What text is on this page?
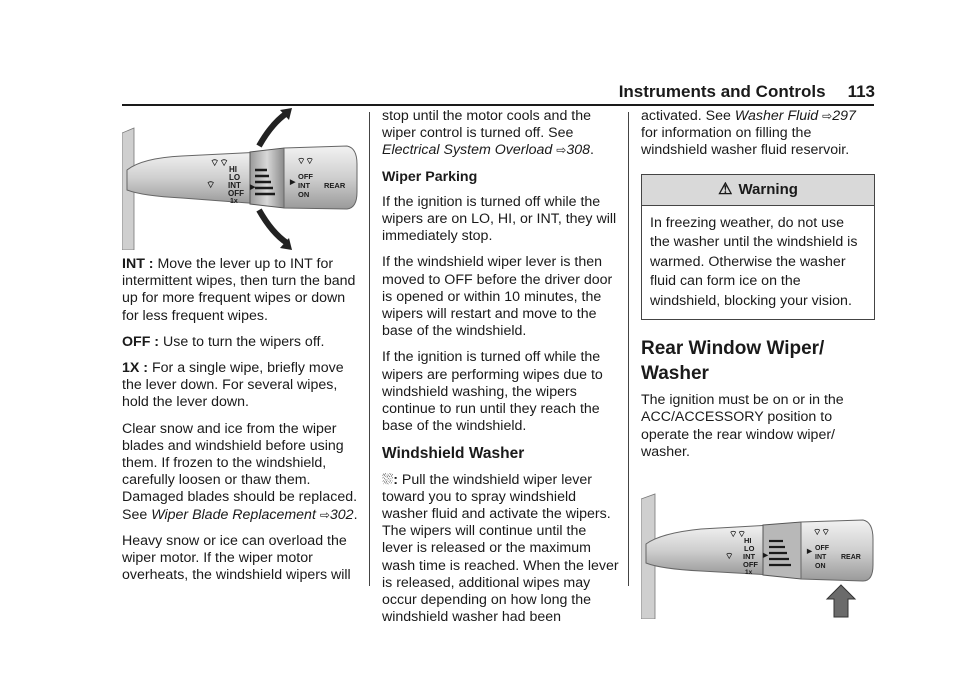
Instruments and Controls 113
⌔⌔
⌔
HI
LO
INT
OFF
1x
▶
⌔⌔
OFF
INT
ON
▶	REAR

INT : Move the lever up to INT for intermittent wipes, then turn the band up for more frequent wipes or down for less frequent wipes.

OFF : Use to turn the wipers off.

1X : For a single wipe, briefly move the lever down. For several wipes, hold the lever down.

Clear snow and ice from the wiper blades and windshield before using them. If frozen to the windshield, carefully loosen or thaw them. Damaged blades should be replaced. See Wiper Blade Replacement ⇨302.

Heavy snow or ice can overload the wiper motor. If the wiper motor overheats, the windshield wipers will

stop until the motor cools and the wiper control is turned off. See Electrical System Overload ⇨308.

Wiper Parking

If the ignition is turned off while the wipers are on LO, HI, or INT, they will immediately stop.

If the windshield wiper lever is then moved to OFF before the driver door is opened or within 10 minutes, the wipers will restart and move to the base of the windshield.

If the ignition is turned off while the wipers are performing wipes due to windshield washing, the wipers continue to run until they reach the base of the windshield.

Windshield Washer

⛆: Pull the windshield wiper lever toward you to spray windshield washer fluid and activate the wipers. The wipers will continue until the lever is released or the maximum wash time is reached. When the lever is released, additional wipes may occur depending on how long the windshield washer had been

activated. See Washer Fluid ⇨297 for information on filling the windshield washer fluid reservoir.

⚠ Warning
In freezing weather, do not use the washer until the windshield is warmed. Otherwise the washer fluid can form ice on the windshield, blocking your vision.
Rear Window Wiper/ Washer

The ignition must be on or in the ACC/ACCESSORY position to operate the rear window wiper/ washer.

⌔⌔
⌔
HI
LO
INT
OFF
1x
▶
⌔⌔
OFF
INT
ON
▶
REAR
